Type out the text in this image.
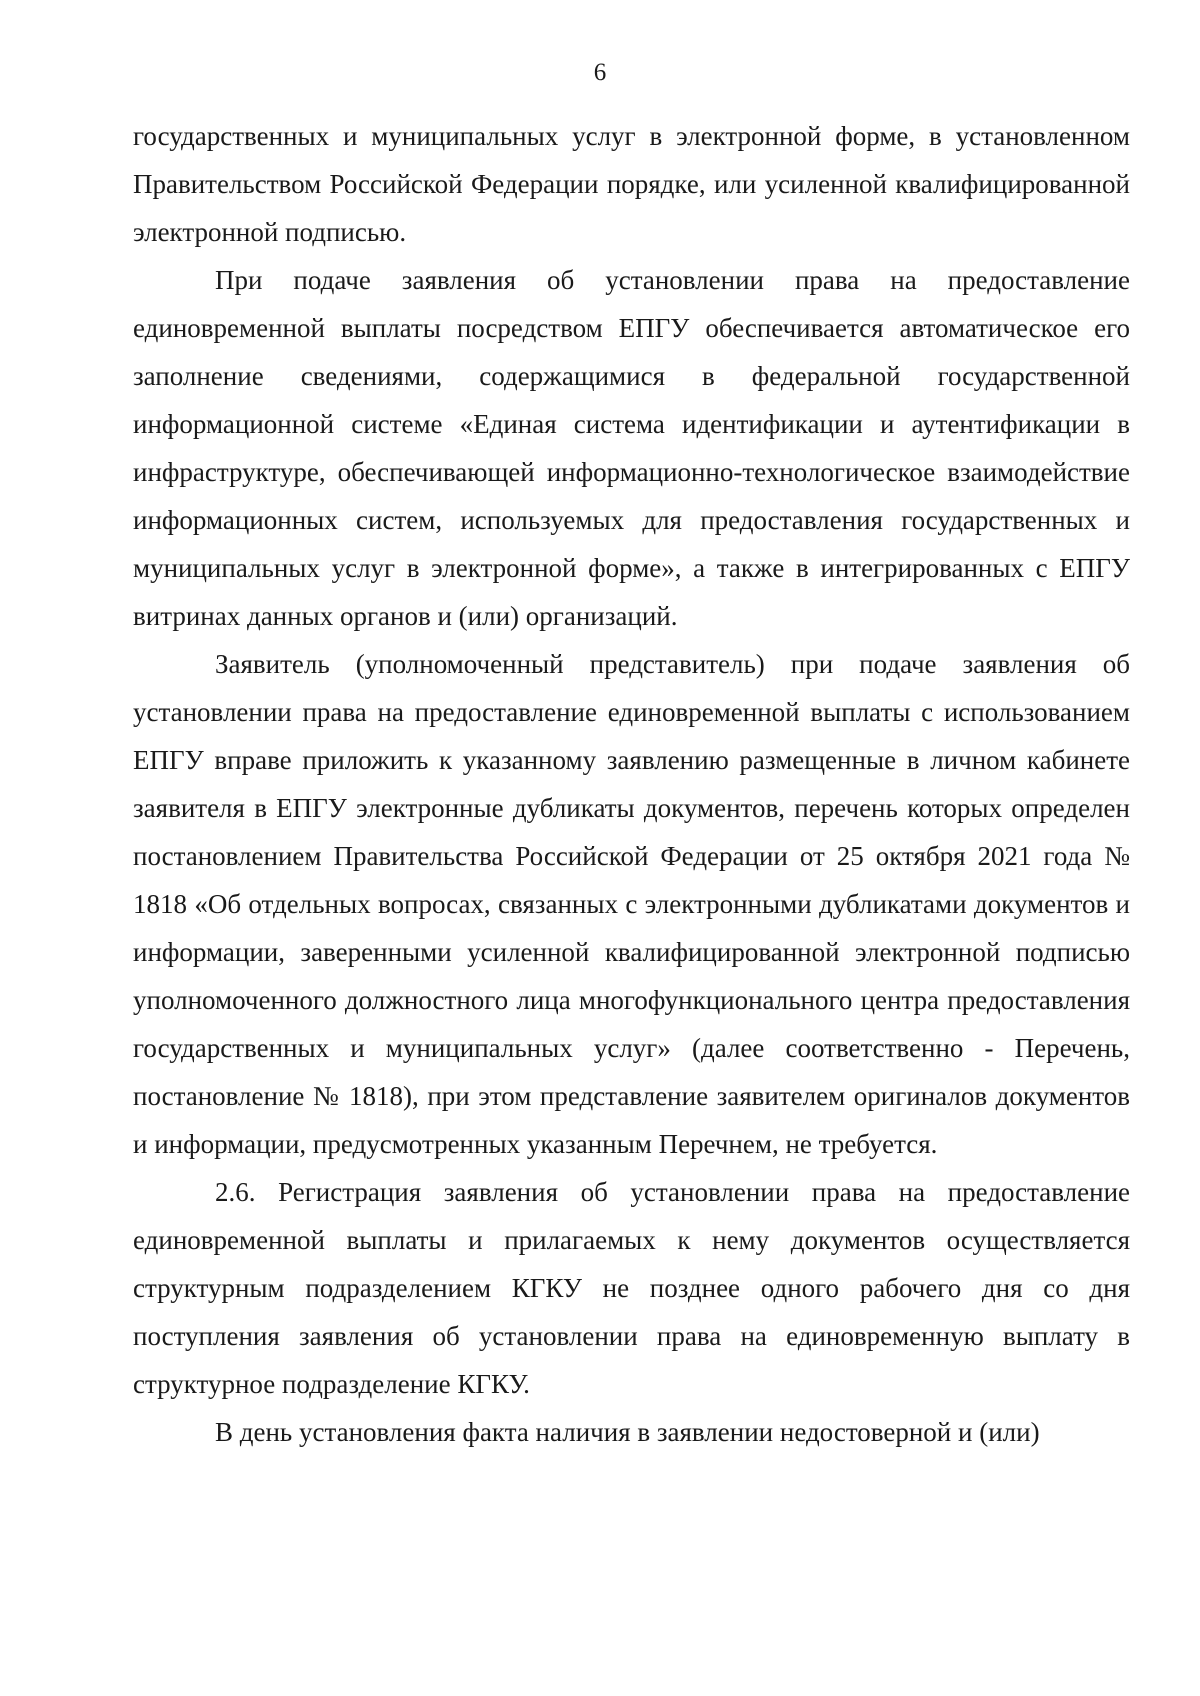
6

государственных и муниципальных услуг в электронной форме, в установленном Правительством Российской Федерации порядке, или усиленной квалифицированной электронной подписью.

При подаче заявления об установлении права на предоставление единовременной выплаты посредством ЕПГУ обеспечивается автоматическое его заполнение сведениями, содержащимися в федеральной государственной информационной системе «Единая система идентификации и аутентификации в инфраструктуре, обеспечивающей информационно-технологическое взаимодействие информационных систем, используемых для предоставления государственных и муниципальных услуг в электронной форме», а также в интегрированных с ЕПГУ витринах данных органов и (или) организаций.

Заявитель (уполномоченный представитель) при подаче заявления об установлении права на предоставление единовременной выплаты с использованием ЕПГУ вправе приложить к указанному заявлению размещенные в личном кабинете заявителя в ЕПГУ электронные дубликаты документов, перечень которых определен постановлением Правительства Российской Федерации от 25 октября 2021 года № 1818 «Об отдельных вопросах, связанных с электронными дубликатами документов и информации, заверенными усиленной квалифицированной электронной подписью уполномоченного должностного лица многофункционального центра предоставления государственных и муниципальных услуг» (далее соответственно - Перечень, постановление № 1818), при этом представление заявителем оригиналов документов и информации, предусмотренных указанным Перечнем, не требуется.

2.6. Регистрация заявления об установлении права на предоставление единовременной выплаты и прилагаемых к нему документов осуществляется структурным подразделением КГКУ не позднее одного рабочего дня со дня поступления заявления об установлении права на единовременную выплату в структурное подразделение КГКУ.

В день установления факта наличия в заявлении недостоверной и (или)
